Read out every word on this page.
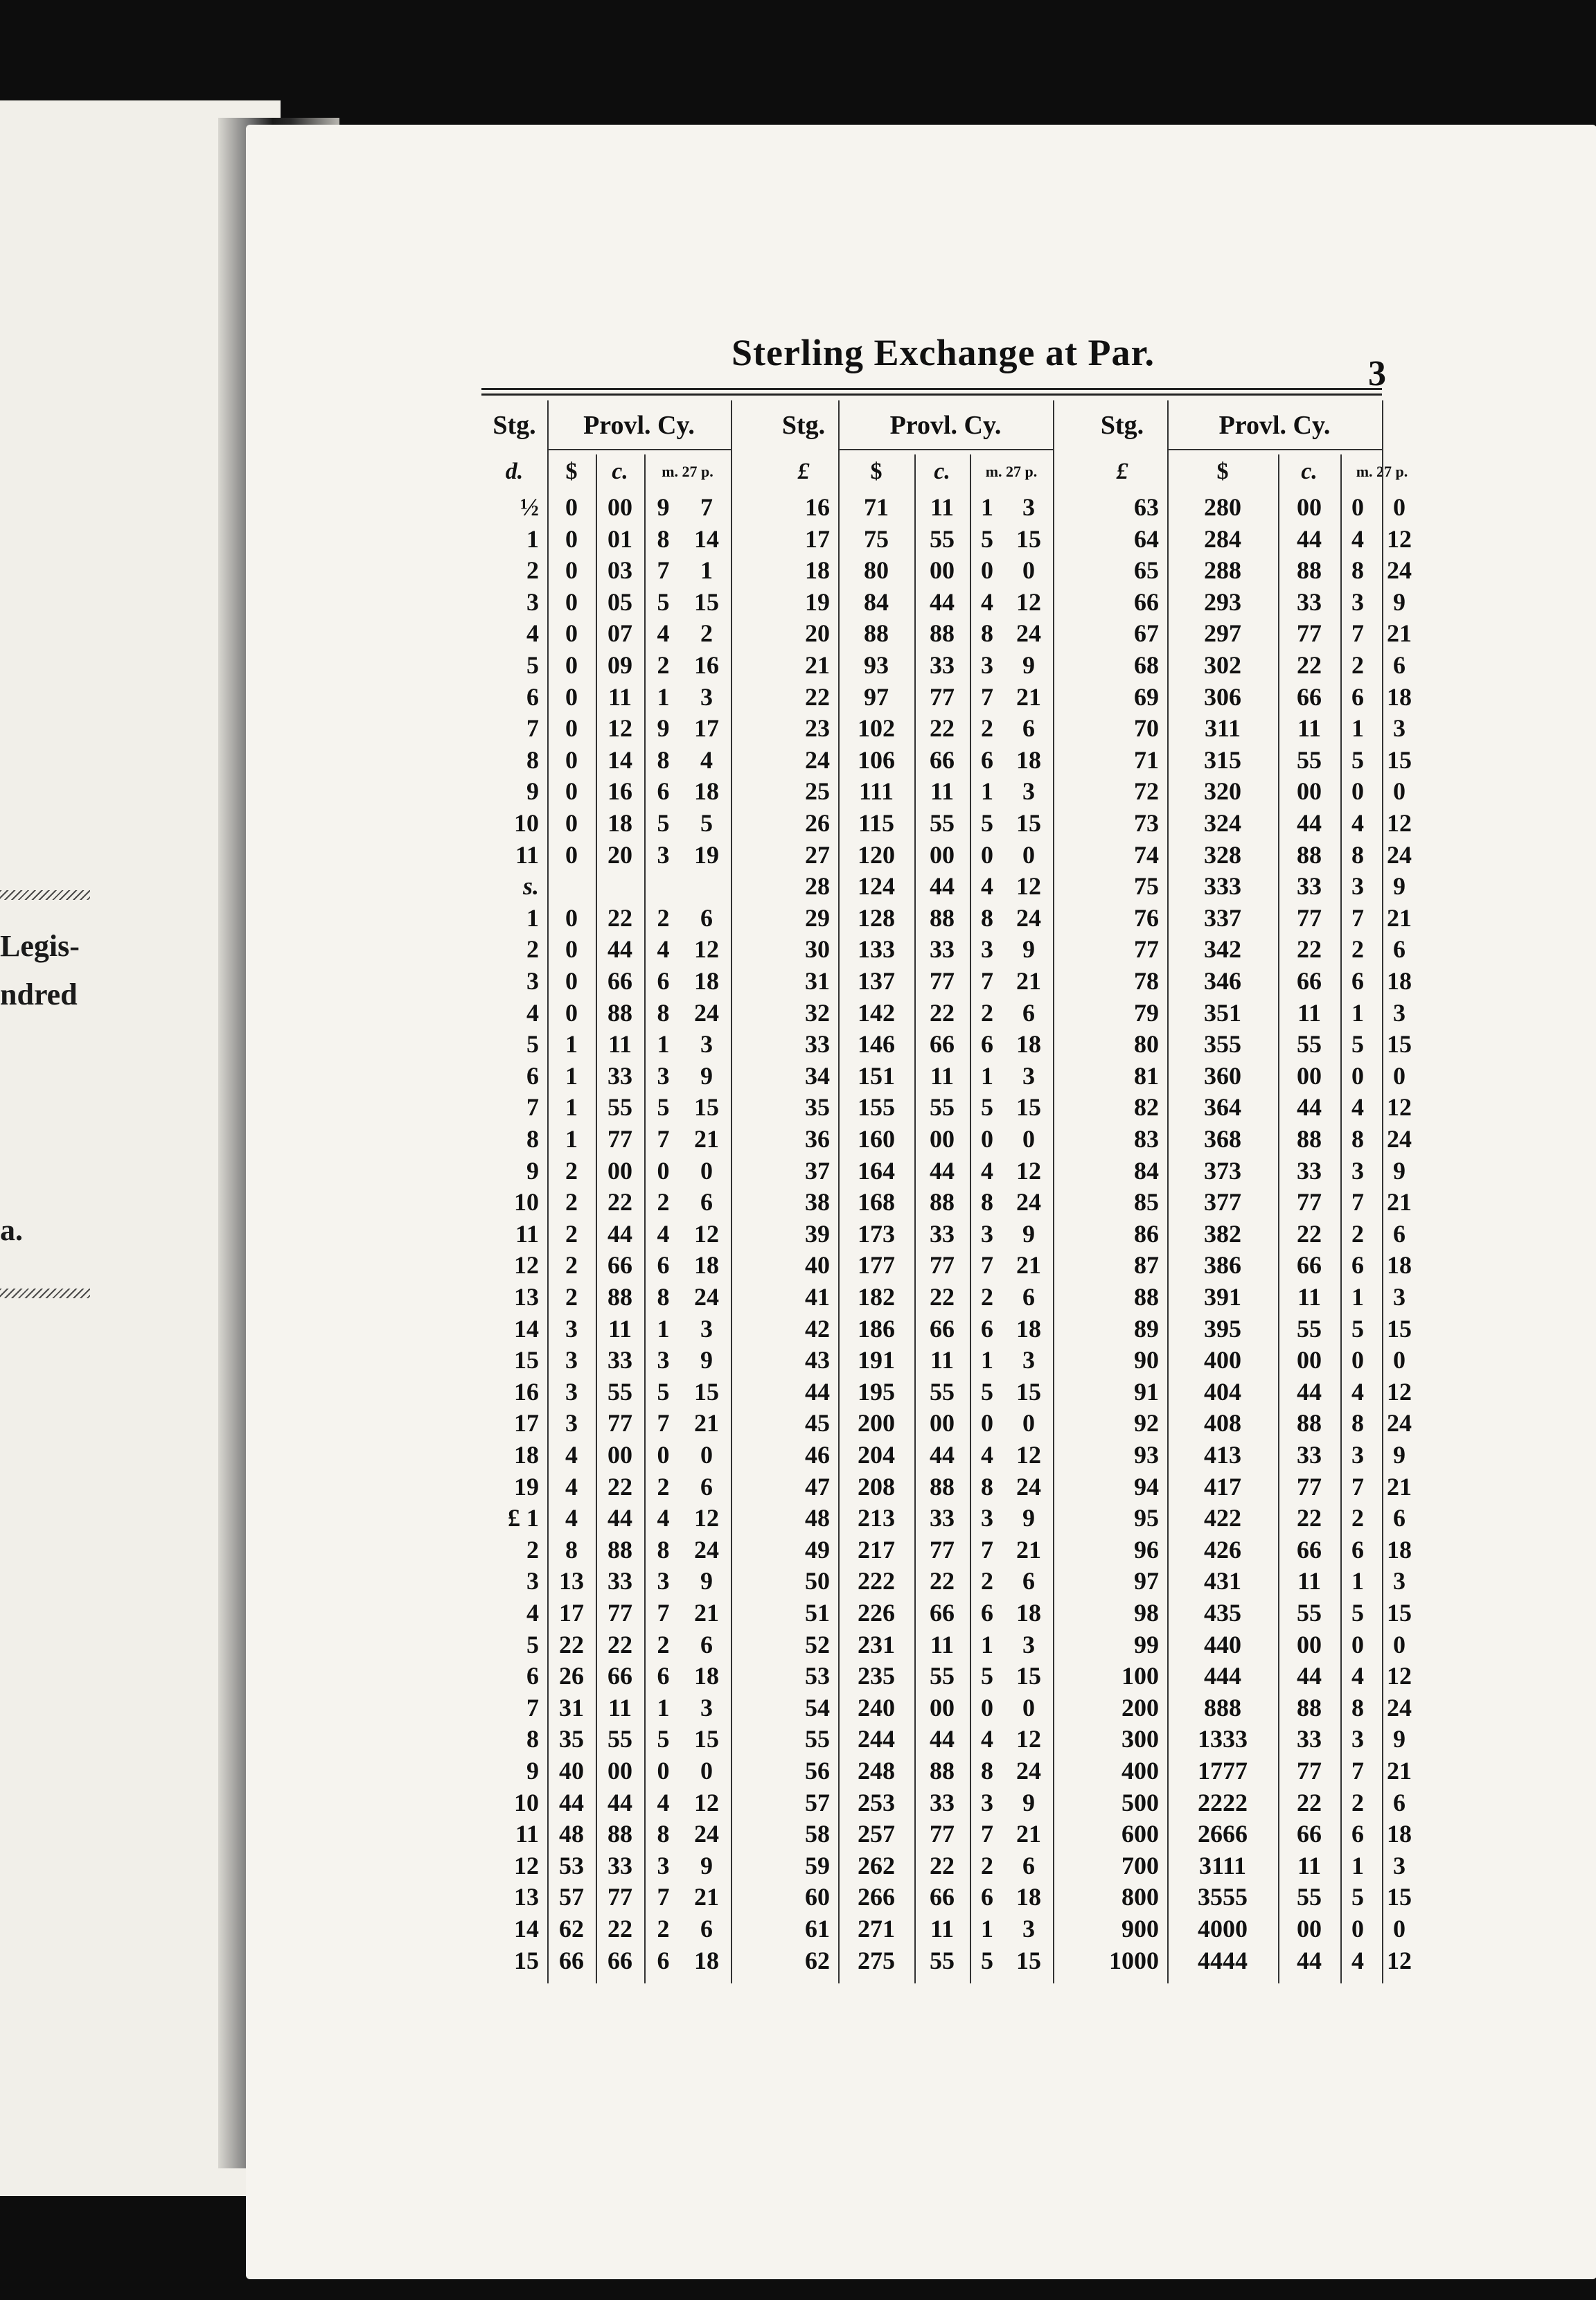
Legis-
ndred
a.
Sterling Exchange at Par.
3
Stg.	Provl. Cy.
d.	$	c.	m. 27 p.
½	0	00 9	7
1	0	01 8 14
2	0	03 7	1
3	0	05 5 15
4	0	07 4	2
5	0	09 2 16
6	0	11	1	3
7	0	12 9 17
8	0	14 8	4
9	0	16 6 18
10	0	18 5	5
11	0	20 3 19
s.
1	0	22 2	6
2	0	44 4 12
3	0	66 6 18
4	0	88 8 24
5	1	11	1	3
6	1	33 3	9
7	1	55 5 15
8	1	77 7 21
9	2	00 0	0
10	2	22 2	6
11	2	44 4 12
12	2	66 6 18
13	2	88 8 24
14	3	11	1	3
15	3	33 3	9
16	3	55 5 15
17	3	77 7 21
18	4	00 0	0
19	4	22 2	6
£ 1	4	44 4 12
2	8	88 8 24
3 13 33 3	9
4 17 77 7 21
5 22 22 2	6
6 26 66 6 18
7 31 11	1	3
8 35 55 5 15
9 40 00 0	0
10 44 44 4 12
11 48 88 8 24
12 53 33 3	9
13 57 77 7 21
14 62 22 2	6
15 66 66 6 18
Stg.	Provl. Cy.
£	$	c.	m. 27 p.
16	71	11	1	3
17	75	55	5 15
18	80	00	0	0
19	84	44	4 12
20	88	88	8 24
21	93	33	3	9
22	97	77	7 21
23	102	22	2	6
24	106	66	6 18
25	111	11	1	3
26	115	55	5 15
27	120	00	0	0
28	124	44	4 12
29	128	88	8 24
30	133	33	3	9
31	137	77	7 21
32	142	22	2	6
33	146	66	6 18
34	151	11	1	3
35	155	55	5 15
36	160	00	0	0
37	164	44	4 12
38	168	88	8 24
39	173	33	3	9
40	177	77	7 21
41	182	22	2	6
42	186	66	6 18
43	191	11	1	3
44	195	55	5 15
45	200	00	0	0
46	204	44	4 12
47	208	88	8 24
48	213	33	3	9
49	217	77	7 21
50	222	22	2	6
51	226	66	6 18
52	231	11	1	3
53	235	55	5 15
54	240	00	0	0
55	244	44	4 12
56	248	88	8 24
57	253	33	3	9
58	257	77	7 21
59	262	22	2	6
60	266	66	6 18
61	271	11	1	3
62	275	55	5 15
Stg.	Provl. Cy.
£	$	c.	m. 27 p.
63	280	00	0	0
64	284	44	4 12
65	288	88	8 24
66	293	33	3	9
67	297	77	7 21
68	302	22	2	6
69	306	66	6 18
70	311	11	1	3
71	315	55	5 15
72	320	00	0	0
73	324	44	4 12
74	328	88	8 24
75	333	33	3	9
76	337	77	7 21
77	342	22	2	6
78	346	66	6 18
79	351	11	1	3
80	355	55	5 15
81	360	00	0	0
82	364	44	4 12
83	368	88	8 24
84	373	33	3	9
85	377	77	7 21
86	382	22	2	6
87	386	66	6 18
88	391	11	1	3
89	395	55	5 15
90	400	00	0	0
91	404	44	4 12
92	408	88	8 24
93	413	33	3	9
94	417	77	7 21
95	422	22	2	6
96	426	66	6 18
97	431	11	1	3
98	435	55	5 15
99	440	00	0	0
100	444	44	4 12
200	888	88	8 24
300	1333	33	3	9
400	1777	77	7 21
500	2222	22	2	6
600	2666	66	6 18
700	3111	11	1	3
800	3555	55	5 15
900	4000	00	0	0
1000	4444	44	4 12
